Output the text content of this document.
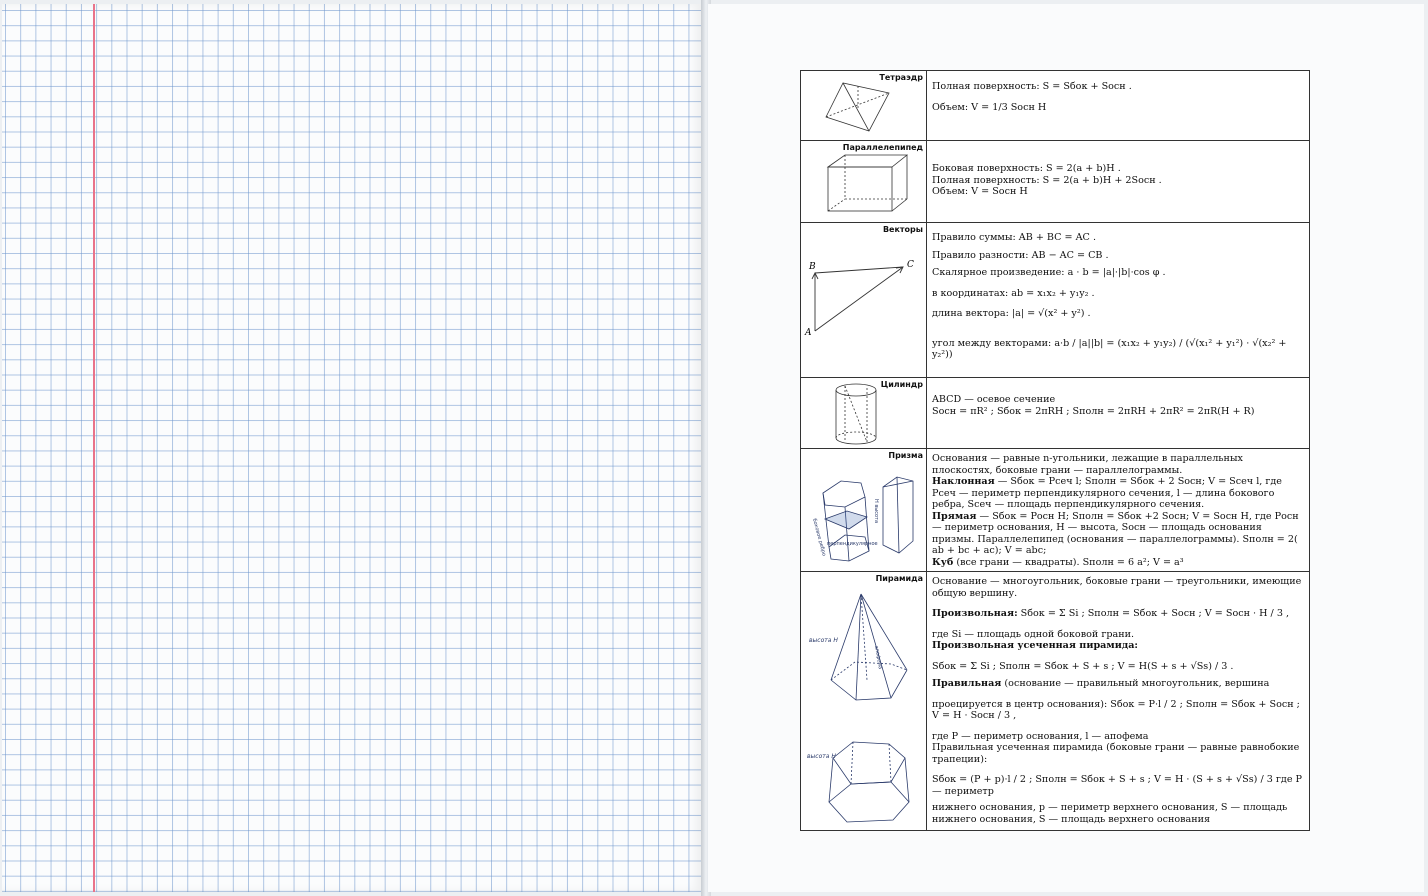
Тетраэдр

Полная поверхность: S = Sбок + Sосн .

Объем: V = 1/3 Sосн H

Параллелепипед

Боковая поверхность: S = 2(a + b)H .

Полная поверхность: S = 2(a + b)H + 2Sосн .

Объем: V = Sосн H

B	C
A
Векторы

Правило суммы: AB + BC = AC .

Правило разности: AB − AC = CB .

Скалярное произведение: a · b = |a|·|b|·cos φ .

в координатах: ab = x₁x₂ + y₁y₂ .

длина вектора: |a| = √(x² + y²) .

угол между векторами: a·b / |a||b| = (x₁x₂ + y₁y₂) / (√(x₁² + y₁²) · √(x₂² + y₂²))

Цилиндр

ABCD — осевое сечение

Sосн = πR² ; Sбок = 2πRH ; Sполн = 2πRH + 2πR² = 2πR(H + R)

боковое ребро перпендикулярное
H высота
Призма Основания — равные n-угольники, лежащие в параллельных плоскостях, боковые грани — параллелограммы.

Наклонная — Sбок = Pсеч l; Sполн = Sбок + 2 Sосн; V = Sсеч l, где Pсеч — периметр перпендикулярного сечения, l — длина бокового ребра, Sсеч — площадь перпендикулярного сечения.

Прямая — Sбок = Pосн H; Sполн = Sбок +2 Sосн; V = Sосн H, где Pосн — периметр основания, H — высота, Sосн — площадь основания призмы. Параллелепипед (основания — параллелограммы). Sполн = 2( ab + bc + ac); V = abc;

Куб (все грани — квадраты). Sполн = 6 a²; V = a³

высота H
апофема
высота H
Пирамида Основание — многоугольник, боковые грани — треугольники, имеющие общую вершину.

Произвольная: Sбок = Σ Si ; Sполн = Sбок + Sосн ; V = Sосн · H / 3 ,

где Si — площадь одной боковой грани.

Произвольная усеченная пирамида:

Sбок = Σ Si ; Sполн = Sбок + S + s ; V = H(S + s + √Ss) / 3 .

Правильная (основание — правильный многоугольник, вершина

проецируется в центр основания): Sбок = P·l / 2 ; Sполн = Sбок + Sосн ; V = H · Sосн / 3 ,

где P — периметр основания, l — апофема

Правильная усеченная пирамида (боковые грани — равные равнобокие трапеции):

Sбок = (P + p)·l / 2 ; Sполн = Sбок + S + s ; V = H · (S + s + √Ss) / 3 где P — периметр

нижнего основания, p — периметр верхнего основания, S — площадь нижнего основания, S — площадь верхнего основания
